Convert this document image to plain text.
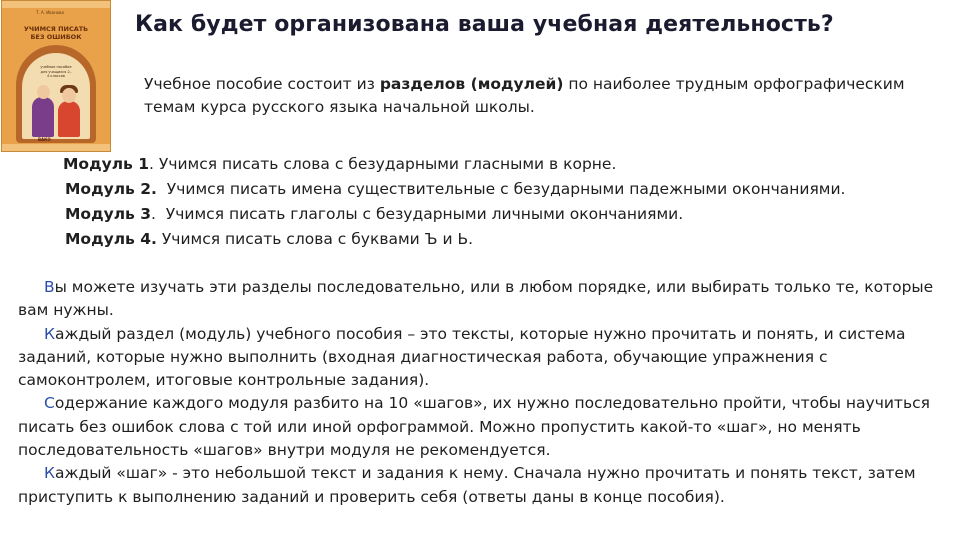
Т. А. Иванова
УЧИМСЯ ПИСАТЬ
БЕЗ ОШИБОК
учебное пособие для учащихся 2–4 классов
ВАКО
Как будет организована ваша учебная деятельность?

Учебное пособие состоит из разделов (модулей) по наиболее трудным орфографическим темам курса русского языка начальной школы.

Модуль 1. Учимся писать слова с безударными гласными в корне.
Модуль 2.  Учимся писать имена существительные с безударными падежными окончаниями.
Модуль 3.  Учимся писать глаголы с безударными личными окончаниями.
Модуль 4. Учимся писать слова с буквами Ъ и Ь.

Вы можете изучать эти разделы последовательно, или в любом порядке, или выбирать только те, которые вам нужны.

Каждый раздел (модуль) учебного пособия – это тексты, которые нужно прочитать и понять, и система заданий, которые нужно выполнить (входная диагностическая работа, обучающие упражнения с самоконтролем, итоговые контрольные задания).

Содержание каждого модуля разбито на 10 «шагов», их нужно последовательно пройти, чтобы научиться писать без ошибок слова с той или иной орфограммой. Можно пропустить какой-то «шаг», но менять последовательность «шагов» внутри модуля не рекомендуется.

Каждый «шаг» - это небольшой текст и задания к нему. Сначала нужно прочитать и понять текст, затем приступить к выполнению заданий и проверить себя (ответы даны в конце пособия).
